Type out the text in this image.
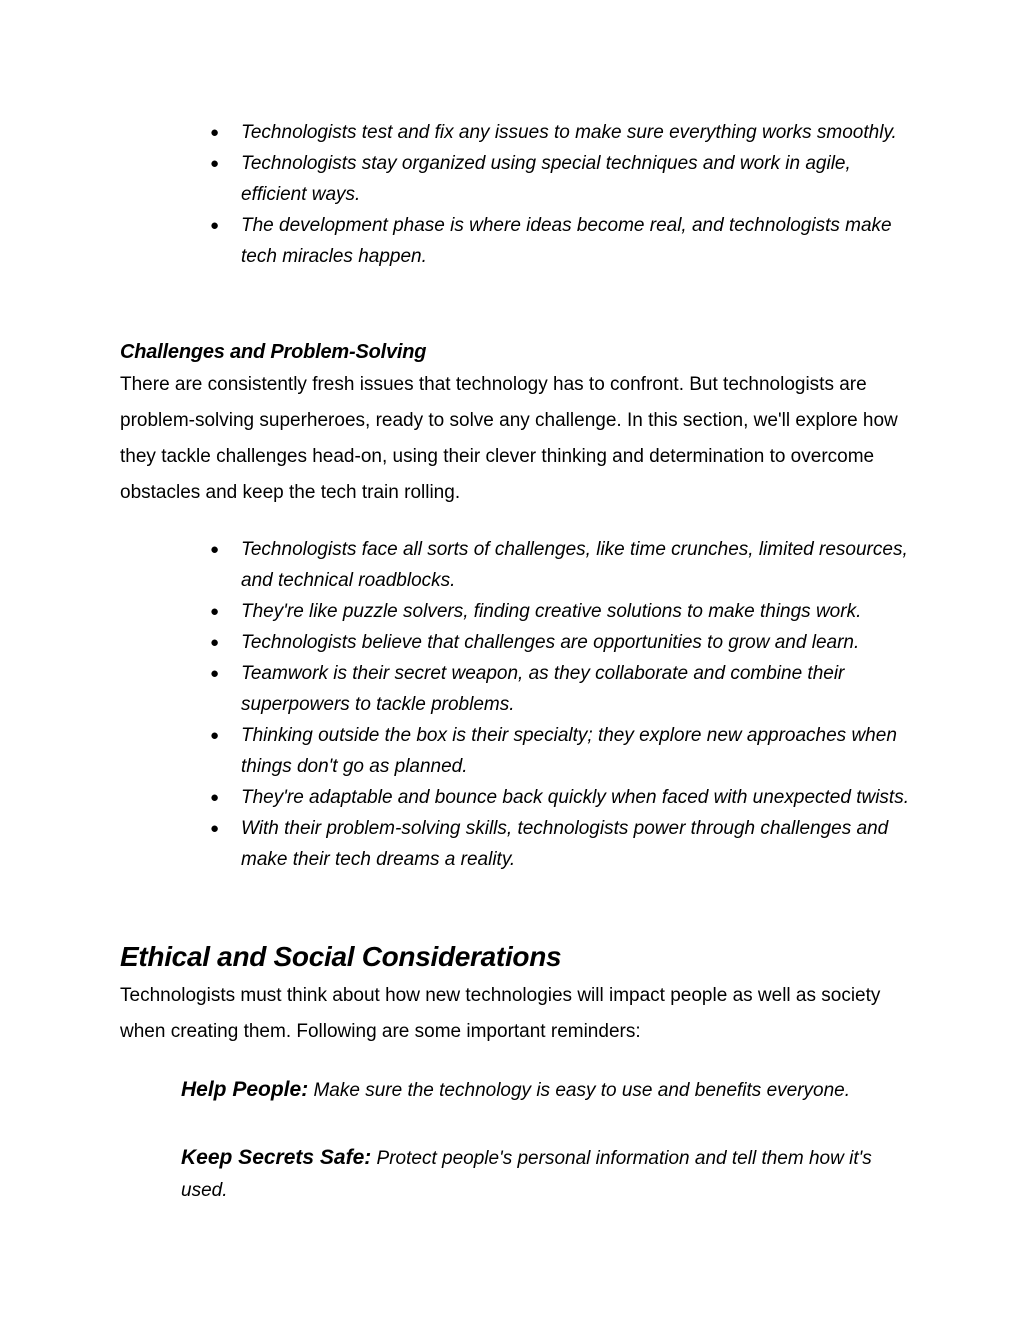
● Technologists test and fix any issues to make sure everything works smoothly.
● Technologists stay organized using special techniques and work in agile, efficient ways.
● The development phase is where ideas become real, and technologists make tech miracles happen.
Challenges and Problem-Solving

There are consistently fresh issues that technology has to confront. But technologists are problem-solving superheroes, ready to solve any challenge. In this section, we'll explore how they tackle challenges head-on, using their clever thinking and determination to overcome obstacles and keep the tech train rolling.

● Technologists face all sorts of challenges, like time crunches, limited resources, and technical roadblocks.
● They're like puzzle solvers, finding creative solutions to make things work.
● Technologists believe that challenges are opportunities to grow and learn.
● Teamwork is their secret weapon, as they collaborate and combine their superpowers to tackle problems.
● Thinking outside the box is their specialty; they explore new approaches when things don't go as planned.
● They're adaptable and bounce back quickly when faced with unexpected twists.
● With their problem-solving skills, technologists power through challenges and make their tech dreams a reality.
Ethical and Social Considerations

Technologists must think about how new technologies will impact people as well as society when creating them. Following are some important reminders:

Help People: Make sure the technology is easy to use and benefits everyone.

Keep Secrets Safe: Protect people's personal information and tell them how it's used.
